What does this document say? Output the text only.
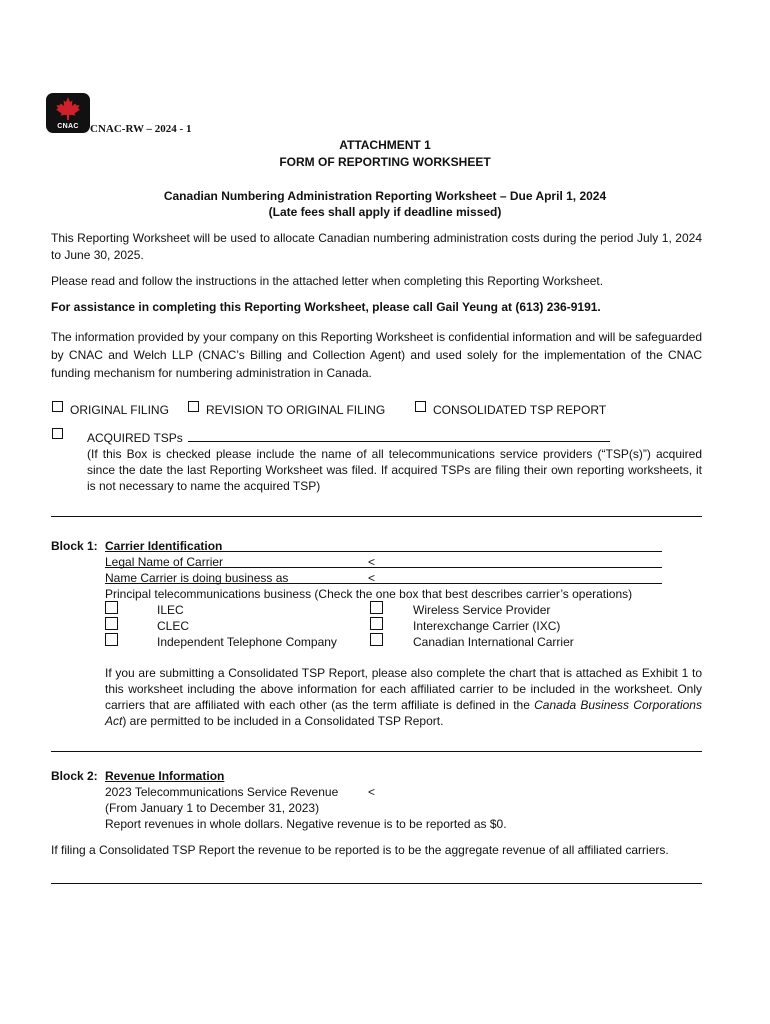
CNAC	CNAC-RW – 2024 - 1
ATTACHMENT 1
FORM OF REPORTING WORKSHEET
Canadian Numbering Administration Reporting Worksheet – Due April 1, 2024
(Late fees shall apply if deadline missed)
This Reporting Worksheet will be used to allocate Canadian numbering administration costs during the period July 1, 2024 to June 30, 2025.
Please read and follow the instructions in the attached letter when completing this Reporting Worksheet.
For assistance in completing this Reporting Worksheet, please call Gail Yeung at (613) 236-9191.
The information provided by your company on this Reporting Worksheet is confidential information and will be safeguarded by CNAC and Welch LLP (CNAC’s Billing and Collection Agent) and used solely for the implementation of the CNAC funding mechanism for numbering administration in Canada.
ORIGINAL FILING	REVISION TO ORIGINAL FILING	CONSOLIDATED TSP REPORT
ACQUIRED TSPs
(If this Box is checked please include the name of all telecommunications service providers (“TSP(s)”) acquired since the date the last Reporting Worksheet was filed. If acquired TSPs are filing their own reporting worksheets, it is not necessary to name the acquired TSP)
Block 1: Carrier Identification
Legal Name of Carrier	<
Name Carrier is doing business as	<
Principal telecommunications business (Check the one box that best describes carrier’s operations)
ILEC	Wireless Service Provider
CLEC	Interexchange Carrier (IXC)
Independent Telephone Company	Canadian International Carrier
If you are submitting a Consolidated TSP Report, please also complete the chart that is attached as Exhibit 1 to this worksheet including the above information for each affiliated carrier to be included in the worksheet. Only carriers that are affiliated with each other (as the term affiliate is defined in the Canada Business Corporations Act) are permitted to be included in a Consolidated TSP Report.
Block 2: Revenue Information
2023 Telecommunications Service Revenue <
(From January 1 to December 31, 2023)
Report revenues in whole dollars. Negative revenue is to be reported as $0.
If filing a Consolidated TSP Report the revenue to be reported is to be the aggregate revenue of all affiliated carriers.
